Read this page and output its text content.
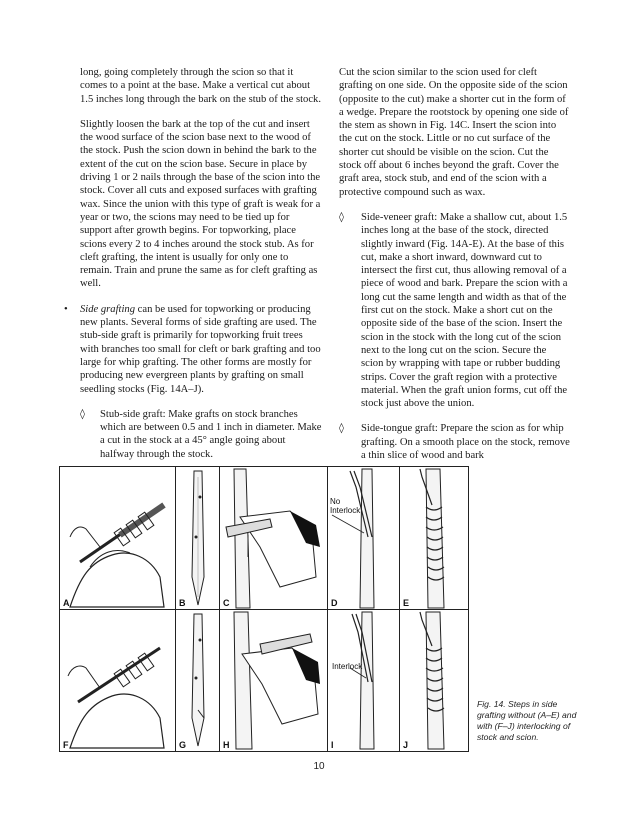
long, going completely through the scion so that it comes to a point at the base. Make a vertical cut about 1.5 inches long through the bark on the stub of the stock.

Slightly loosen the bark at the top of the cut and insert the wood surface of the scion base next to the wood of the stock. Push the scion down in behind the bark to the extent of the cut on the scion base. Secure in place by driving 1 or 2 nails through the base of the scion into the stock. Cover all cuts and exposed surfaces with grafting wax. Since the union with this type of graft is weak for a year or two, the scions may need to be tied up for support after growth begins. For topworking, place scions every 2 to 4 inches around the stock stub. As for cleft grafting, the intent is usually for only one to remain. Train and prune the same as for cleft grafting as well.

• Side grafting can be used for topworking or producing new plants. Several forms of side grafting are used. The stub-side graft is primarily for topworking fruit trees with branches too small for cleft or bark grafting and too large for whip grafting. The other forms are mostly for producing new evergreen plants by grafting on small seedling stocks (Fig. 14A–J).
◊ Stub-side graft: Make grafts on stock branches which are between 0.5 and 1 inch in diameter. Make a cut in the stock at a 45° angle going about halfway through the stock.

Cut the scion similar to the scion used for cleft grafting on one side. On the opposite side of the scion (opposite to the cut) make a shorter cut in the form of a wedge. Prepare the rootstock by opening one side of the stem as shown in Fig. 14C. Insert the scion into the cut on the stock. Little or no cut surface of the shorter cut should be visible on the scion. Cut the stock off about 6 inches beyond the graft. Cover the graft area, stock stub, and end of the scion with a protective compound such as wax.

◊ Side-veneer graft: Make a shallow cut, about 1.5 inches long at the base of the stock, directed slightly inward (Fig. 14A-E). At the base of this cut, make a short inward, downward cut to intersect the first cut, thus allowing removal of a piece of wood and bark. Prepare the scion with a long cut the same length and width as that of the first cut on the stock. Make a short cut on the opposite side of the base of the scion. Insert the scion in the stock with the long cut of the scion next to the long cut on the scion. Secure the scion by wrapping with tape or rubber budding strips. Cover the graft region with a protective material. When the graft union forms, cut off the stock just above the union.
◊ Side-tongue graft: Prepare the scion as for whip grafting. On a smooth place on the stock, remove a thin slice of wood and bark
A	B	C
No
Interlock
D	E
F	G	H
Interlock
I	J
Fig. 14. Steps in side grafting without (A–E) and with (F–J) interlocking of stock and scion.
10
